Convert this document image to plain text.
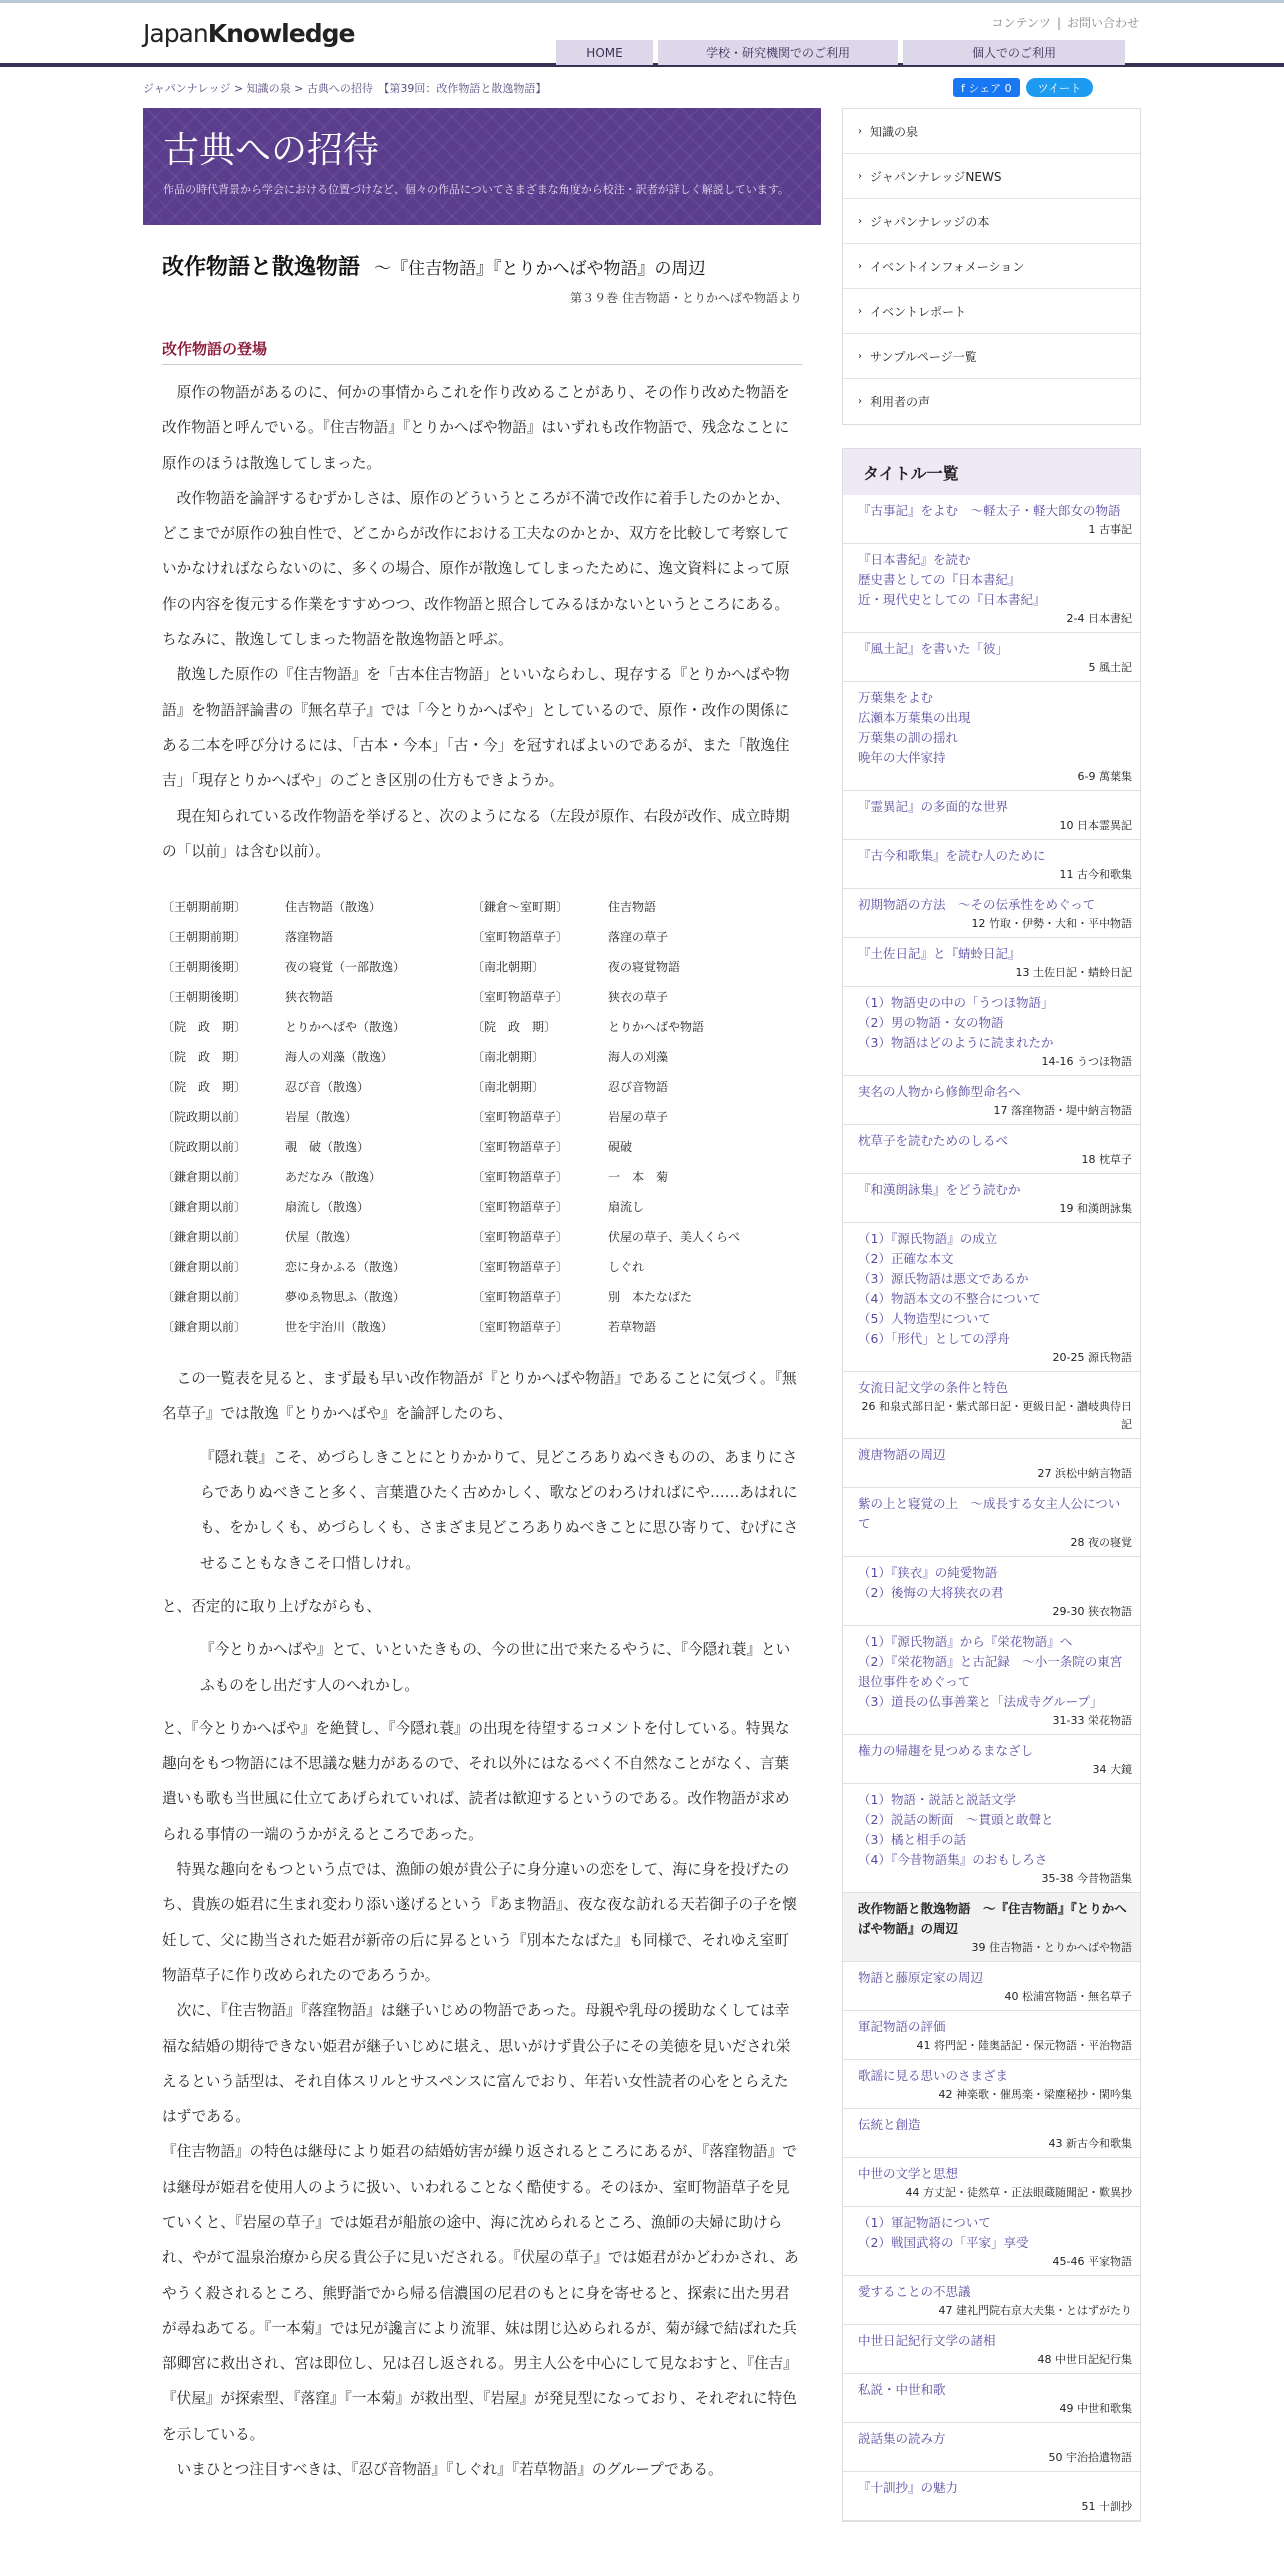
JapanKnowledge	コンテンツ | お問い合わせ
HOME	学校・研究機関でのご利用	個人でのご利用
ジャパンナレッジ > 知識の泉 > 古典への招待　【第39回：改作物語と散逸物語】	f シェア 0	ツイート
古典への招待

作品の時代背景から学会における位置づけなど、個々の作品についてさまざまな角度から校注・訳者が詳しく解説しています。

改作物語と散逸物語 ～『住吉物語』『とりかへばや物語』の周辺
第３９巻 住吉物語・とりかへばや物語より
改作物語の登場

原作の物語があるのに、何かの事情からこれを作り改めることがあり、その作り改めた物語を改作物語と呼んでいる。『住吉物語』『とりかへばや物語』はいずれも改作物語で、残念なことに原作のほうは散逸してしまった。

改作物語を論評するむずかしさは、原作のどういうところが不満で改作に着手したのかとか、どこまでが原作の独自性で、どこからが改作における工夫なのかとか、双方を比較して考察していかなければならないのに、多くの場合、原作が散逸してしまったために、逸文資料によって原作の内容を復元する作業をすすめつつ、改作物語と照合してみるほかないというところにある。ちなみに、散逸してしまった物語を散逸物語と呼ぶ。

散逸した原作の『住吉物語』を「古本住吉物語」といいならわし、現存する『とりかへばや物語』を物語評論書の『無名草子』では「今とりかへばや」としているので、原作・改作の関係にある二本を呼び分けるには、「古本・今本」「古・今」を冠すればよいのであるが、また「散逸住吉」「現存とりかへばや」のごとき区別の仕方もできようか。

現在知られている改作物語を挙げると、次のようになる（左段が原作、右段が改作、成立時期の「以前」は含む以前）。

〔王朝期前期〕	住吉物語（散逸）	〔鎌倉～室町期〕	住吉物語
〔王朝期前期〕	落窪物語	〔室町物語草子〕	落窪の草子
〔王朝期後期〕	夜の寝覚（一部散逸）	〔南北朝期〕	夜の寝覚物語
〔王朝期後期〕	狭衣物語	〔室町物語草子〕	狭衣の草子
〔院　政　期〕	とりかへばや（散逸）	〔院　政　期〕	とりかへばや物語
〔院　政　期〕	海人の刈藻（散逸）	〔南北朝期〕	海人の刈藻
〔院　政　期〕	忍び音（散逸）	〔南北朝期〕	忍び音物語
〔院政期以前〕	岩屋（散逸）	〔室町物語草子〕	岩屋の草子
〔院政期以前〕	覗　破（散逸）	〔室町物語草子〕	硯破
〔鎌倉期以前〕	あだなみ（散逸）	〔室町物語草子〕	一　本　菊
〔鎌倉期以前〕	扇流し（散逸）	〔室町物語草子〕	扇流し
〔鎌倉期以前〕	伏屋（散逸）	〔室町物語草子〕	伏屋の草子、美人くらべ
〔鎌倉期以前〕	恋に身かふる（散逸）	〔室町物語草子〕	しぐれ
〔鎌倉期以前〕	夢ゆゑ物思ふ（散逸）	〔室町物語草子〕	別　本たなばた
〔鎌倉期以前〕	世を宇治川（散逸）	〔室町物語草子〕	若草物語

この一覧表を見ると、まず最も早い改作物語が『とりかへばや物語』であることに気づく。『無名草子』では散逸『とりかへばや』を論評したのち、

『隠れ蓑』こそ、めづらしきことにとりかかりて、見どころありぬべきものの、あまりにさらでありぬべきこと多く、言葉遣ひたく古めかしく、歌などのわろければにや……あはれにも、をかしくも、めづらしくも、さまざま見どころありぬべきことに思ひ寄りて、むげにさせることもなきこそ口惜しけれ。

と、否定的に取り上げながらも、

『今とりかへばや』とて、いといたきもの、今の世に出で来たるやうに、『今隠れ蓑』といふものをし出だす人のへれかし。

と、『今とりかへばや』を絶賛し、『今隠れ蓑』の出現を待望するコメントを付している。特異な趣向をもつ物語には不思議な魅力があるので、それ以外にはなるべく不自然なことがなく、言葉遣いも歌も当世風に仕立てあげられていれば、読者は歓迎するというのである。改作物語が求められる事情の一端のうかがえるところであった。

特異な趣向をもつという点では、漁師の娘が貴公子に身分違いの恋をして、海に身を投げたのち、貴族の姫君に生まれ変わり添い遂げるという『あま物語』、夜な夜な訪れる天若御子の子を懐妊して、父に勘当された姫君が新帝の后に昇るという『別本たなばた』も同様で、それゆえ室町物語草子に作り改められたのであろうか。

次に、『住吉物語』『落窪物語』は継子いじめの物語であった。母親や乳母の援助なくしては幸福な結婚の期待できない姫君が継子いじめに堪え、思いがけず貴公子にその美徳を見いだされ栄えるという話型は、それ自体スリルとサスペンスに富んでおり、年若い女性読者の心をとらえたはずである。

『住吉物語』の特色は継母により姫君の結婚妨害が繰り返されるところにあるが、『落窪物語』では継母が姫君を使用人のように扱い、いわれることなく酷使する。そのほか、室町物語草子を見ていくと、『岩屋の草子』では姫君が船旅の途中、海に沈められるところ、漁師の夫婦に助けられ、やがて温泉治療から戻る貴公子に見いだされる。『伏屋の草子』では姫君がかどわかされ、あやうく殺されるところ、熊野詣でから帰る信濃国の尼君のもとに身を寄せると、探索に出た男君が尋ねあてる。『一本菊』では兄が讒言により流罪、妹は閉じ込められるが、菊が縁で結ばれた兵部卿宮に救出され、宮は即位し、兄は召し返される。男主人公を中心にして見なおすと、『住吉』『伏屋』が探索型、『落窪』『一本菊』が救出型、『岩屋』が発見型になっており、それぞれに特色を示している。

いまひとつ注目すべきは、『忍び音物語』『しぐれ』『若草物語』のグループである。

› 知識の泉
› ジャパンナレッジNEWS
› ジャパンナレッジの本
› イベントインフォメーション
› イベントレポート
› サンプルページ一覧
› 利用者の声
タイトル一覧
『古事記』をよむ　～軽太子・軽大郎女の物語
1 古事記
『日本書紀』を読む
歴史書としての『日本書紀』
近・現代史としての『日本書紀』
2-4 日本書紀
『風土記』を書いた「彼」
5 風土記
万葉集をよむ
広瀬本万葉集の出現
万葉集の訓の揺れ
晩年の大伴家持
6-9 萬葉集
『霊異記』の多面的な世界
10 日本霊異記
『古今和歌集』を読む人のために
11 古今和歌集
初期物語の方法　～その伝承性をめぐって
12 竹取・伊勢・大和・平中物語
『土佐日記』と『蜻蛉日記』
13 土佐日記・蜻蛉日記
（1）物語史の中の「うつほ物語」
（2）男の物語・女の物語
（3）物語はどのように読まれたか
14-16 うつほ物語
実名の人物から修飾型命名へ
17 落窪物語・堤中納言物語
枕草子を読むためのしるべ
18 枕草子
『和漢朗詠集』をどう読むか
19 和漢朗詠集
（1）『源氏物語』の成立
（2）正確な本文
（3）源氏物語は悪文であるか
（4）物語本文の不整合について
（5）人物造型について
（6）「形代」としての浮舟
20-25 源氏物語
女流日記文学の条件と特色
26 和泉式部日記・紫式部日記・更級日記・讃岐典侍日記
渡唐物語の周辺
27 浜松中納言物語
紫の上と寝覚の上　～成長する女主人公について
28 夜の寝覚
（1）『狭衣』の純愛物語
（2）後悔の大将狭衣の君
29-30 狭衣物語
（1）『源氏物語』から『栄花物語』へ
（2）『栄花物語』と古記録　～小一条院の東宮退位事件をめぐって
（3）道長の仏事善業と「法成寺グループ」
31-33 栄花物語
権力の帰趨を見つめるまなざし
34 大鏡
（1）物語・説話と説話文学
（2）説話の断面　～貫頭と敢聲と
（3）橘と相手の話
（4）『今昔物語集』のおもしろさ
35-38 今昔物語集
改作物語と散逸物語　～『住吉物語』『とりかへばや物語』の周辺
39 住吉物語・とりかへばや物語
物語と藤原定家の周辺
40 松浦宮物語・無名草子
軍記物語の評価
41 将門記・陸奥話記・保元物語・平治物語
歌謡に見る思いのさまざま
42 神楽歌・催馬楽・梁塵秘抄・閑吟集
伝統と創造
43 新古今和歌集
中世の文学と思想
44 方丈記・徒然草・正法眼蔵随聞記・歎異抄
（1）軍記物語について
（2）戦国武将の「平家」享受
45-46 平家物語
愛することの不思議
47 建礼門院右京大夫集・とはずがたり
中世日記紀行文学の諸相
48 中世日記紀行集
私説・中世和歌
49 中世和歌集
説話集の読み方
50 宇治拾遺物語
『十訓抄』の魅力
51 十訓抄
